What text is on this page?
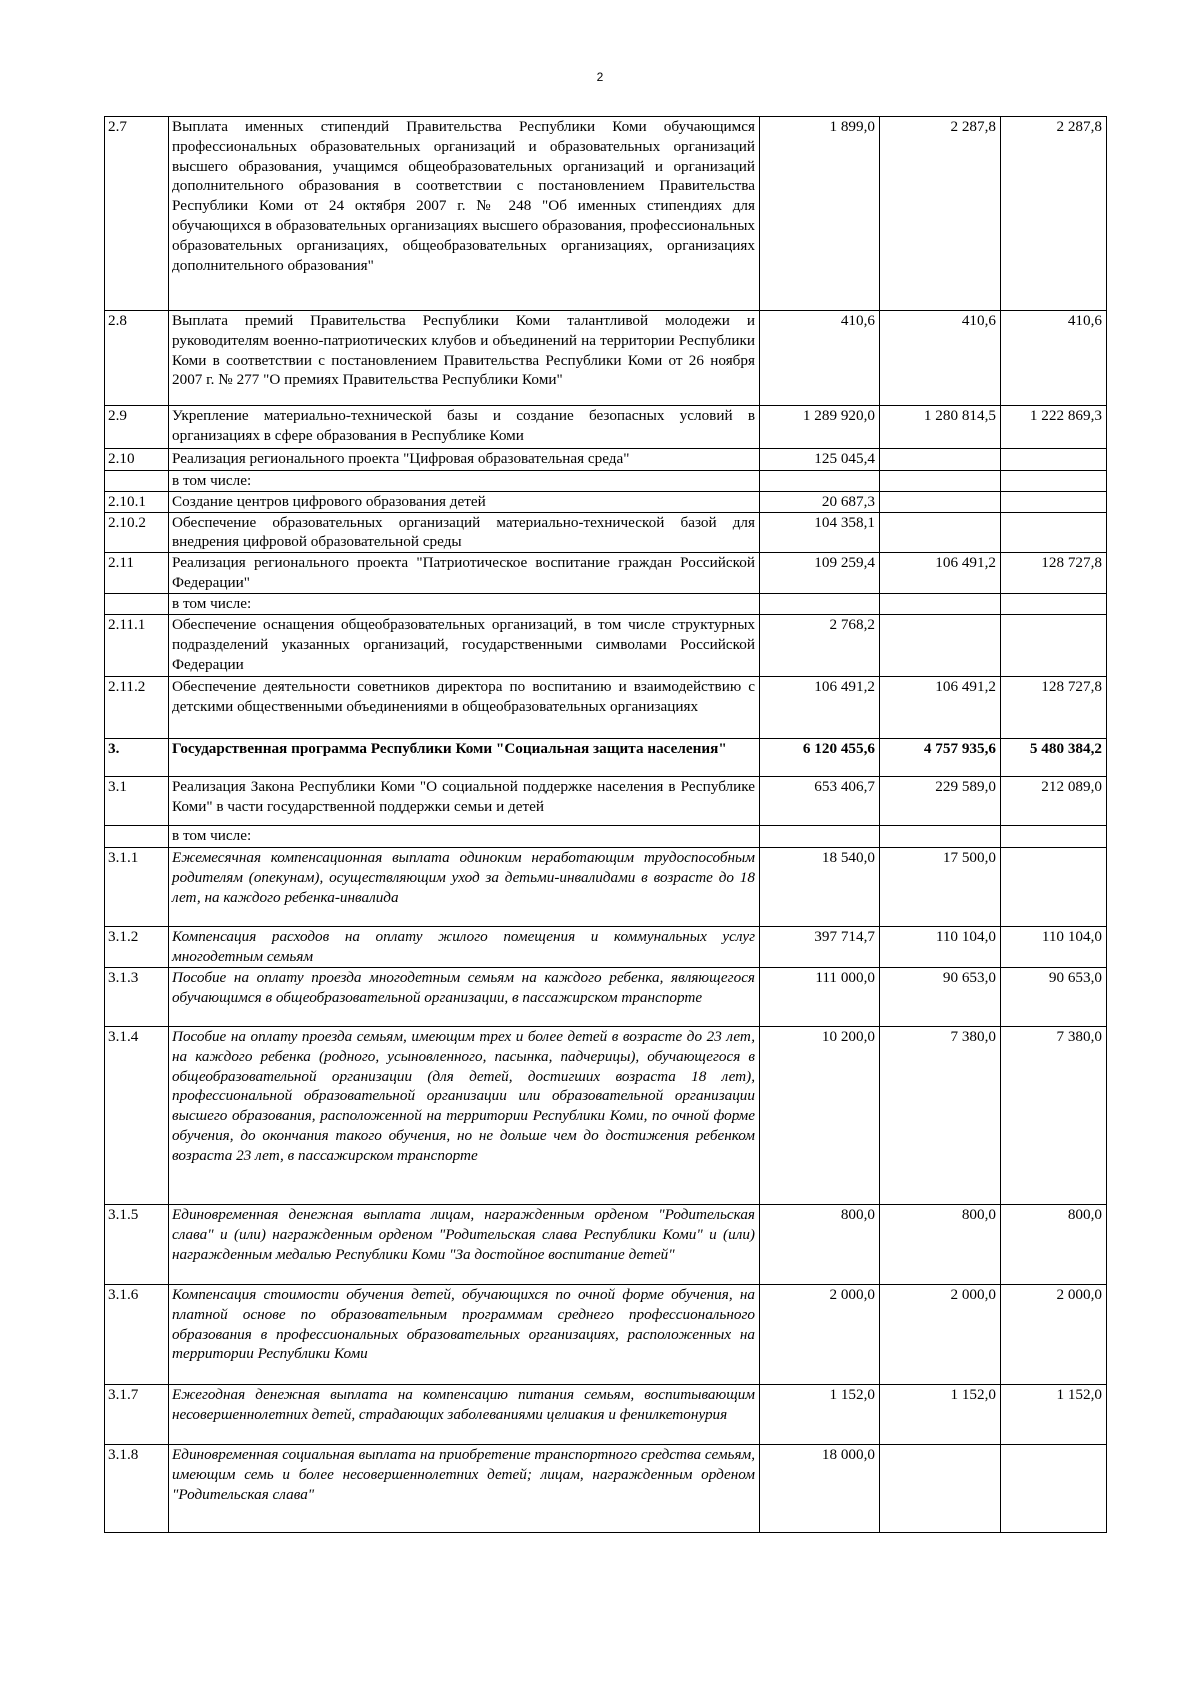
2
2.7	Выплата именных стипендий Правительства Республики Коми обучающимся профессиональных образовательных организаций и образовательных организаций высшего образования, учащимся общеобразовательных организаций и организаций дополнительного образования в соответствии с постановлением Правительства Республики Коми от 24 октября 2007 г. № 248 "Об именных стипендиях для обучающихся в образовательных организациях высшего образования, профессиональных образовательных организациях, общеобразовательных организациях, организациях дополнительного образования"	1 899,0	2 287,8	2 287,8
2.8	Выплата премий Правительства Республики Коми талантливой молодежи и руководителям военно-патриотических клубов и объединений на территории Республики Коми в соответствии с постановлением Правительства Республики Коми от 26 ноября 2007 г. № 277 "О премиях Правительства Республики Коми"	410,6	410,6	410,6
2.9	Укрепление материально-технической базы и создание безопасных условий в организациях в сфере образования в Республике Коми	1 289 920,0	1 280 814,5	1 222 869,3
2.10	Реализация регионального проекта "Цифровая образовательная среда"	125 045,4		
	в том числе:			
2.10.1	Создание центров цифрового образования детей	20 687,3		
2.10.2	Обеспечение образовательных организаций материально-технической базой для внедрения цифровой образовательной среды	104 358,1		
2.11	Реализация регионального проекта "Патриотическое воспитание граждан Российской Федерации"	109 259,4	106 491,2	128 727,8
	в том числе:			
2.11.1	Обеспечение оснащения общеобразовательных организаций, в том числе структурных подразделений указанных организаций, государственными символами Российской Федерации	2 768,2		
2.11.2	Обеспечение деятельности советников директора по воспитанию и взаимодействию с детскими общественными объединениями в общеобразовательных организациях	106 491,2	106 491,2	128 727,8
3.	Государственная программа Республики Коми "Социальная защита населения"	6 120 455,6	4 757 935,6	5 480 384,2
3.1	Реализация Закона Республики Коми "О социальной поддержке населения в Республике Коми" в части государственной поддержки семьи и детей	653 406,7	229 589,0	212 089,0
	в том числе:			
3.1.1	Ежемесячная компенсационная выплата одиноким неработающим трудоспособным родителям (опекунам), осуществляющим уход за детьми-инвалидами в возрасте до 18 лет, на каждого ребенка-инвалида	18 540,0	17 500,0	
3.1.2	Компенсация расходов на оплату жилого помещения и коммунальных услуг многодетным семьям	397 714,7	110 104,0	110 104,0
3.1.3	Пособие на оплату проезда многодетным семьям на каждого ребенка, являющегося обучающимся в общеобразовательной организации, в пассажирском транспорте	111 000,0	90 653,0	90 653,0
3.1.4	Пособие на оплату проезда семьям, имеющим трех и более детей в возрасте до 23 лет, на каждого ребенка (родного, усыновленного, пасынка, падчерицы), обучающегося в общеобразовательной организации (для детей, достигших возраста 18 лет), профессиональной образовательной организации или образовательной организации высшего образования, расположенной на территории Республики Коми, по очной форме обучения, до окончания такого обучения, но не дольше чем до достижения ребенком возраста 23 лет, в пассажирском транспорте	10 200,0	7 380,0	7 380,0
3.1.5	Единовременная денежная выплата лицам, награжденным орденом "Родительская слава" и (или) награжденным орденом "Родительская слава Республики Коми" и (или) награжденным медалью Республики Коми "За достойное воспитание детей"	800,0	800,0	800,0
3.1.6	Компенсация стоимости обучения детей, обучающихся по очной форме обучения, на платной основе по образовательным программам среднего профессионального образования в профессиональных образовательных организациях, расположенных на территории Республики Коми	2 000,0	2 000,0	2 000,0
3.1.7	Ежегодная денежная выплата на компенсацию питания семьям, воспитывающим несовершеннолетних детей, страдающих заболеваниями целиакия и фенилкетонурия	1 152,0	1 152,0	1 152,0
3.1.8	Единовременная социальная выплата на приобретение транспортного средства семьям, имеющим семь и более несовершеннолетних детей; лицам, награжденным орденом "Родительская слава"	18 000,0		
